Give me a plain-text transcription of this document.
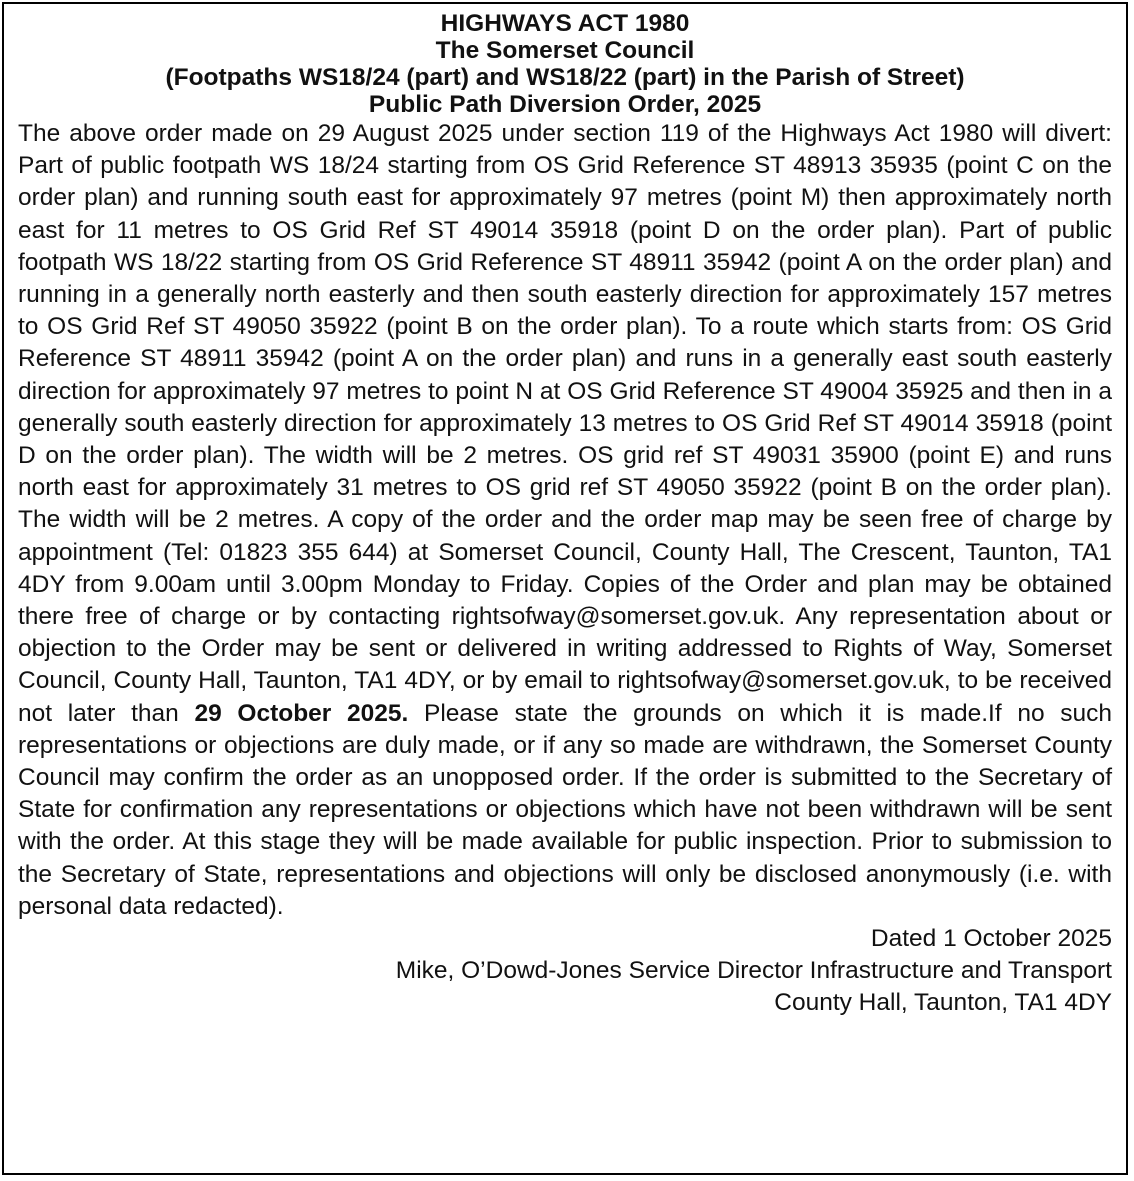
HIGHWAYS ACT 1980

The Somerset Council

(Footpaths WS18/24 (part) and WS18/22 (part) in the Parish of Street)

Public Path Diversion Order, 2025

The above order made on 29 August 2025 under section 119 of the Highways Act 1980 will divert: Part of public footpath WS 18/24 starting from OS Grid Reference ST 48913 35935 (point C on the order plan) and running south east for approximately 97 metres (point M) then approximately north east for 11 metres to OS Grid Ref ST 49014 35918 (point D on the order plan). Part of public footpath WS 18/22 starting from OS Grid Reference ST 48911 35942 (point A on the order plan) and running in a generally north easterly and then south easterly direction for approximately 157 metres to OS Grid Ref ST 49050 35922 (point B on the order plan). To a route which starts from: OS Grid Reference ST 48911 35942 (point A on the order plan) and runs in a generally east south easterly direction for approximately 97 metres to point N at OS Grid Reference ST 49004 35925 and then in a generally south easterly direction for approximately 13 metres to OS Grid Ref ST 49014 35918 (point D on the order plan). The width will be 2 metres. OS grid ref ST 49031 35900 (point E) and runs north east for approximately 31 metres to OS grid ref ST 49050 35922 (point B on the order plan). The width will be 2 metres. A copy of the order and the order map may be seen free of charge by appointment (Tel: 01823 355 644) at Somerset Council, County Hall, The Crescent, Taunton, TA1 4DY from 9.00am until 3.00pm Monday to Friday. Copies of the Order and plan may be obtained there free of charge or by contacting rightsofway@somerset.gov.uk. Any representation about or objection to the Order may be sent or delivered in writing addressed to Rights of Way, Somerset Council, County Hall, Taunton, TA1 4DY, or by email to rightsofway@somerset.gov.uk, to be received not later than 29 October 2025. Please state the grounds on which it is made.If no such representations or objections are duly made, or if any so made are withdrawn, the Somerset County Council may confirm the order as an unopposed order. If the order is submitted to the Secretary of State for confirmation any representations or objections which have not been withdrawn will be sent with the order. At this stage they will be made available for public inspection. Prior to submission to the Secretary of State, representations and objections will only be disclosed anonymously (i.e. with personal data redacted).

Dated 1 October 2025

Mike, O’Dowd-Jones Service Director Infrastructure and Transport

County Hall, Taunton, TA1 4DY
